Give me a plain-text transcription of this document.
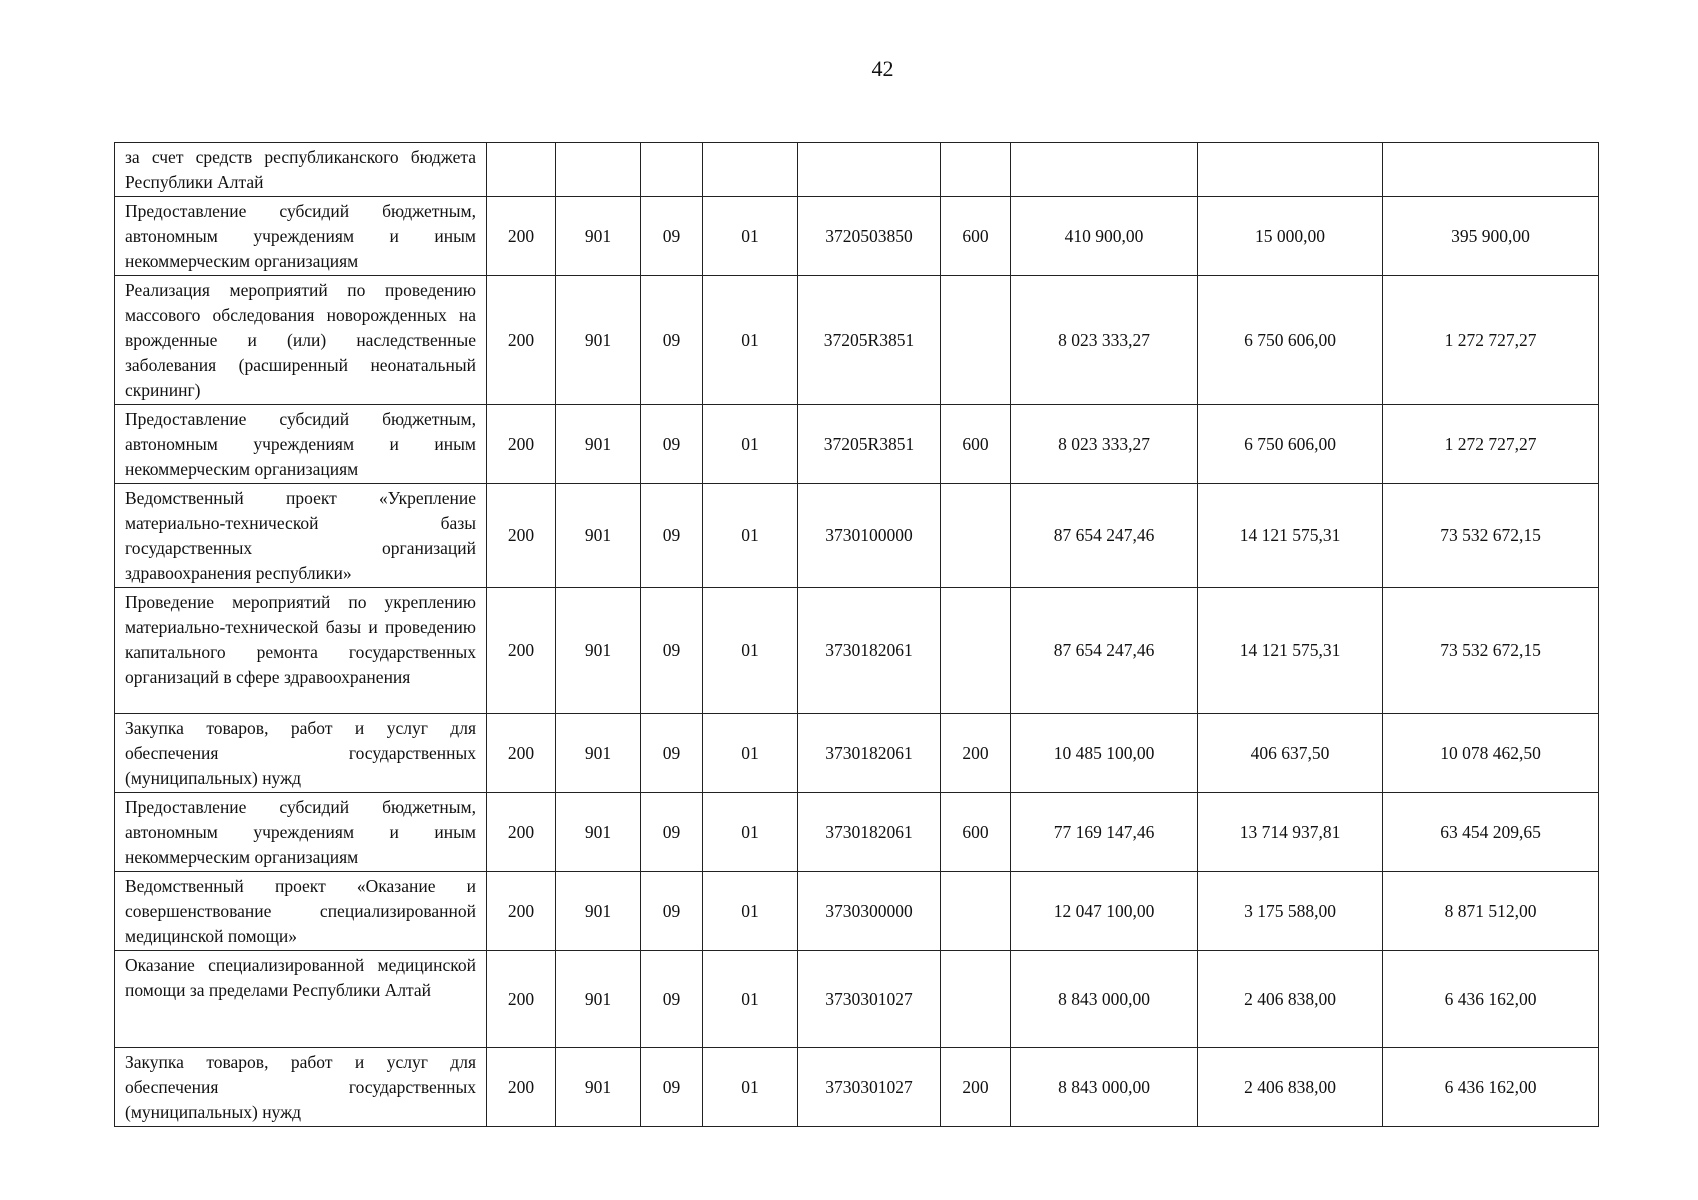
42
за счет средств республиканского бюджета Республики Алтай									
Предоставление субсидий бюджетным, автономным учреждениям и иным некоммерческим организациям	200	901	09	01	3720503850	600	410 900,00	15 000,00	395 900,00
Реализация мероприятий по проведению массового обследования новорожденных на врожденные и (или) наследственные заболевания (расширенный неонатальный скрининг)	200	901	09	01	37205R3851		8 023 333,27	6 750 606,00	1 272 727,27
Предоставление субсидий бюджетным, автономным учреждениям и иным некоммерческим организациям	200	901	09	01	37205R3851	600	8 023 333,27	6 750 606,00	1 272 727,27
Ведомственный проект «Укрепление материально-технической базы государственных организаций здравоохранения республики»	200	901	09	01	3730100000		87 654 247,46	14 121 575,31	73 532 672,15
Проведение мероприятий по укреплению материально-технической базы и проведению капитального ремонта государственных организаций в сфере здравоохранения	200	901	09	01	3730182061		87 654 247,46	14 121 575,31	73 532 672,15
Закупка товаров, работ и услуг для обеспечения государственных (муниципальных) нужд	200	901	09	01	3730182061	200	10 485 100,00	406 637,50	10 078 462,50
Предоставление субсидий бюджетным, автономным учреждениям и иным некоммерческим организациям	200	901	09	01	3730182061	600	77 169 147,46	13 714 937,81	63 454 209,65
Ведомственный проект «Оказание и совершенствование специализированной медицинской помощи»	200	901	09	01	3730300000		12 047 100,00	3 175 588,00	8 871 512,00
Оказание специализированной медицинской помощи за пределами Республики Алтай	200	901	09	01	3730301027		8 843 000,00	2 406 838,00	6 436 162,00
Закупка товаров, работ и услуг для обеспечения государственных (муниципальных) нужд	200	901	09	01	3730301027	200	8 843 000,00	2 406 838,00	6 436 162,00
